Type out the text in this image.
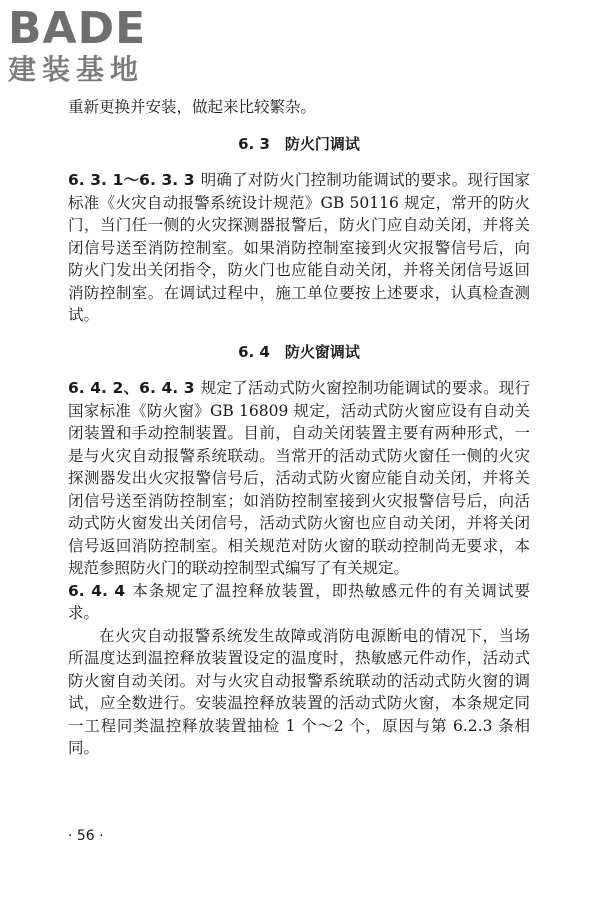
BADE
建装基地

重新更换并安装，做起来比较繁杂。

6. 3　防火门调试

6. 3. 1～6. 3. 3 明确了对防火门控制功能调试的要求。现行国家标准《火灾自动报警系统设计规范》GB 50116 规定，常开的防火门，当门任一侧的火灾探测器报警后，防火门应自动关闭，并将关闭信号送至消防控制室。如果消防控制室接到火灾报警信号后，向防火门发出关闭指令，防火门也应能自动关闭，并将关闭信号返回消防控制室。在调试过程中，施工单位要按上述要求，认真检查测试。

6. 4　防火窗调试

6. 4. 2、6. 4. 3 规定了活动式防火窗控制功能调试的要求。现行国家标准《防火窗》GB 16809 规定，活动式防火窗应设有自动关闭装置和手动控制装置。目前，自动关闭装置主要有两种形式，一是与火灾自动报警系统联动。当常开的活动式防火窗任一侧的火灾探测器发出火灾报警信号后，活动式防火窗应能自动关闭，并将关闭信号送至消防控制室；如消防控制室接到火灾报警信号后，向活动式防火窗发出关闭信号，活动式防火窗也应自动关闭，并将关闭信号返回消防控制室。相关规范对防火窗的联动控制尚无要求，本规范参照防火门的联动控制型式编写了有关规定。

6. 4. 4 本条规定了温控释放装置，即热敏感元件的有关调试要求。

在火灾自动报警系统发生故障或消防电源断电的情况下，当场所温度达到温控释放装置设定的温度时，热敏感元件动作，活动式防火窗自动关闭。对与火灾自动报警系统联动的活动式防火窗的调试，应全数进行。安装温控释放装置的活动式防火窗，本条规定同一工程同类温控释放装置抽检 1 个～2 个，原因与第 6.2.3 条相同。

· 56 ·
